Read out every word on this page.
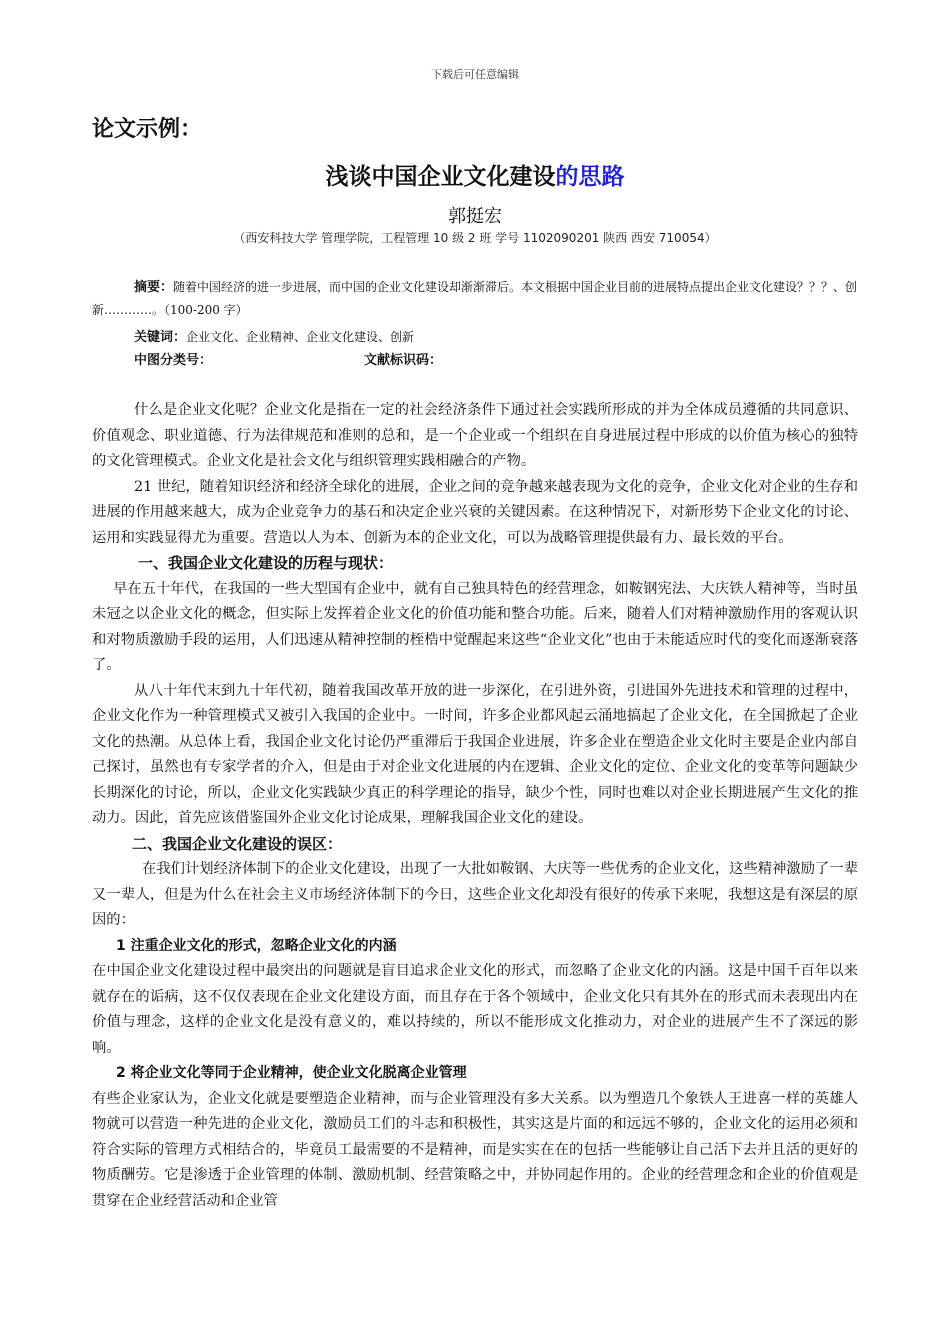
下载后可任意编辑
论文示例：
浅谈中国企业文化建设的思路
郭挺宏
（西安科技大学 管理学院，工程管理 10 级 2 班 学号 1102090201 陕西 西安 710054）
摘要：随着中国经济的进一步进展，而中国的企业文化建设却渐渐滞后。本文根据中国企业目前的进展特点提出企业文化建设？？？、创新…………。（100-200 字）
关键词：企业文化、企业精神、企业文化建设、创新
中图分类号：	文献标识码：

什么是企业文化呢？企业文化是指在一定的社会经济条件下通过社会实践所形成的并为全体成员遵循的共同意识、价值观念、职业道德、行为法律规范和准则的总和，是一个企业或一个组织在自身进展过程中形成的以价值为核心的独特的文化管理模式。企业文化是社会文化与组织管理实践相融合的产物。

21 世纪，随着知识经济和经济全球化的进展，企业之间的竞争越来越表现为文化的竞争，企业文化对企业的生存和进展的作用越来越大，成为企业竞争力的基石和决定企业兴衰的关键因素。在这种情况下，对新形势下企业文化的讨论、运用和实践显得尤为重要。营造以人为本、创新为本的企业文化，可以为战略管理提供最有力、最长效的平台。

一、我国企业文化建设的历程与现状：

早在五十年代，在我国的一些大型国有企业中，就有自己独具特色的经营理念，如鞍钢宪法、大庆铁人精神等，当时虽未冠之以企业文化的概念，但实际上发挥着企业文化的价值功能和整合功能。后来，随着人们对精神激励作用的客观认识和对物质激励手段的运用，人们迅速从精神控制的桎梏中觉醒起来这些“企业文化”也由于未能适应时代的变化而逐渐衰落了。

从八十年代末到九十年代初，随着我国改革开放的进一步深化，在引进外资，引进国外先进技术和管理的过程中，企业文化作为一种管理模式又被引入我国的企业中。一时间，许多企业都风起云涌地搞起了企业文化，在全国掀起了企业文化的热潮。从总体上看，我国企业文化讨论仍严重滞后于我国企业进展，许多企业在塑造企业文化时主要是企业内部自己探讨，虽然也有专家学者的介入，但是由于对企业文化进展的内在逻辑、企业文化的定位、企业文化的变革等问题缺少长期深化的讨论，所以，企业文化实践缺少真正的科学理论的指导，缺少个性，同时也难以对企业长期进展产生文化的推动力。因此，首先应该借鉴国外企业文化讨论成果，理解我国企业文化的建设。

二、我国企业文化建设的误区：

在我们计划经济体制下的企业文化建设，出现了一大批如鞍钢、大庆等一些优秀的企业文化，这些精神激励了一辈又一辈人，但是为什么在社会主义市场经济体制下的今日，这些企业文化却没有很好的传承下来呢，我想这是有深层的原因的：

1 注重企业文化的形式，忽略企业文化的内涵

在中国企业文化建设过程中最突出的问题就是盲目追求企业文化的形式，而忽略了企业文化的内涵。这是中国千百年以来就存在的诟病，这不仅仅表现在企业文化建设方面，而且存在于各个领域中，企业文化只有其外在的形式而未表现出内在价值与理念，这样的企业文化是没有意义的，难以持续的，所以不能形成文化推动力，对企业的进展产生不了深远的影响。

2 将企业文化等同于企业精神，使企业文化脱离企业管理

有些企业家认为，企业文化就是要塑造企业精神，而与企业管理没有多大关系。以为塑造几个象铁人王进喜一样的英雄人物就可以营造一种先进的企业文化，激励员工们的斗志和积极性，其实这是片面的和远远不够的，企业文化的运用必须和符合实际的管理方式相结合的，毕竟员工最需要的不是精神，而是实实在在的包括一些能够让自己活下去并且活的更好的物质酬劳。它是渗透于企业管理的体制、激励机制、经营策略之中，并协同起作用的。企业的经营理念和企业的价值观是贯穿在企业经营活动和企业管
